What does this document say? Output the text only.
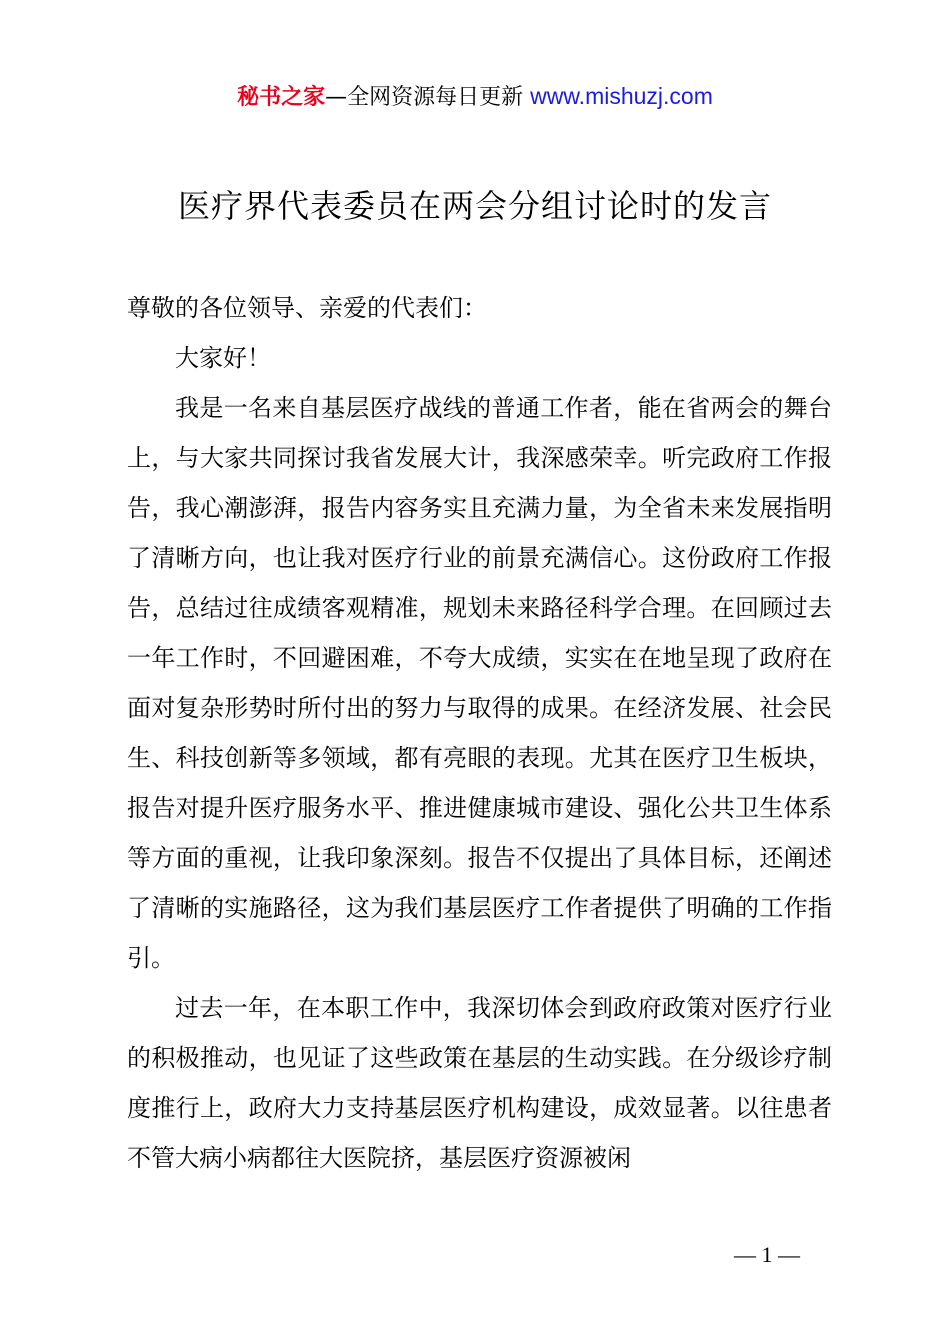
秘书之家—全网资源每日更新 www.mishuzj.com
医疗界代表委员在两会分组讨论时的发言

尊敬的各位领导、亲爱的代表们：

大家好！

我是一名来自基层医疗战线的普通工作者，能在省两会的舞台上，与大家共同探讨我省发展大计，我深感荣幸。听完政府工作报告，我心潮澎湃，报告内容务实且充满力量，为全省未来发展指明了清晰方向，也让我对医疗行业的前景充满信心。这份政府工作报告，总结过往成绩客观精准，规划未来路径科学合理。在回顾过去一年工作时，不回避困难，不夸大成绩，实实在在地呈现了政府在面对复杂形势时所付出的努力与取得的成果。在经济发展、社会民生、科技创新等多领域，都有亮眼的表现。尤其在医疗卫生板块，报告对提升医疗服务水平、推进健康城市建设、强化公共卫生体系等方面的重视，让我印象深刻。报告不仅提出了具体目标，还阐述了清晰的实施路径，这为我们基层医疗工作者提供了明确的工作指引。

过去一年，在本职工作中，我深切体会到政府政策对医疗行业的积极推动，也见证了这些政策在基层的生动实践。在分级诊疗制度推行上，政府大力支持基层医疗机构建设，成效显著。以往患者不管大病小病都往大医院挤，基层医疗资源被闲

— 1 —
